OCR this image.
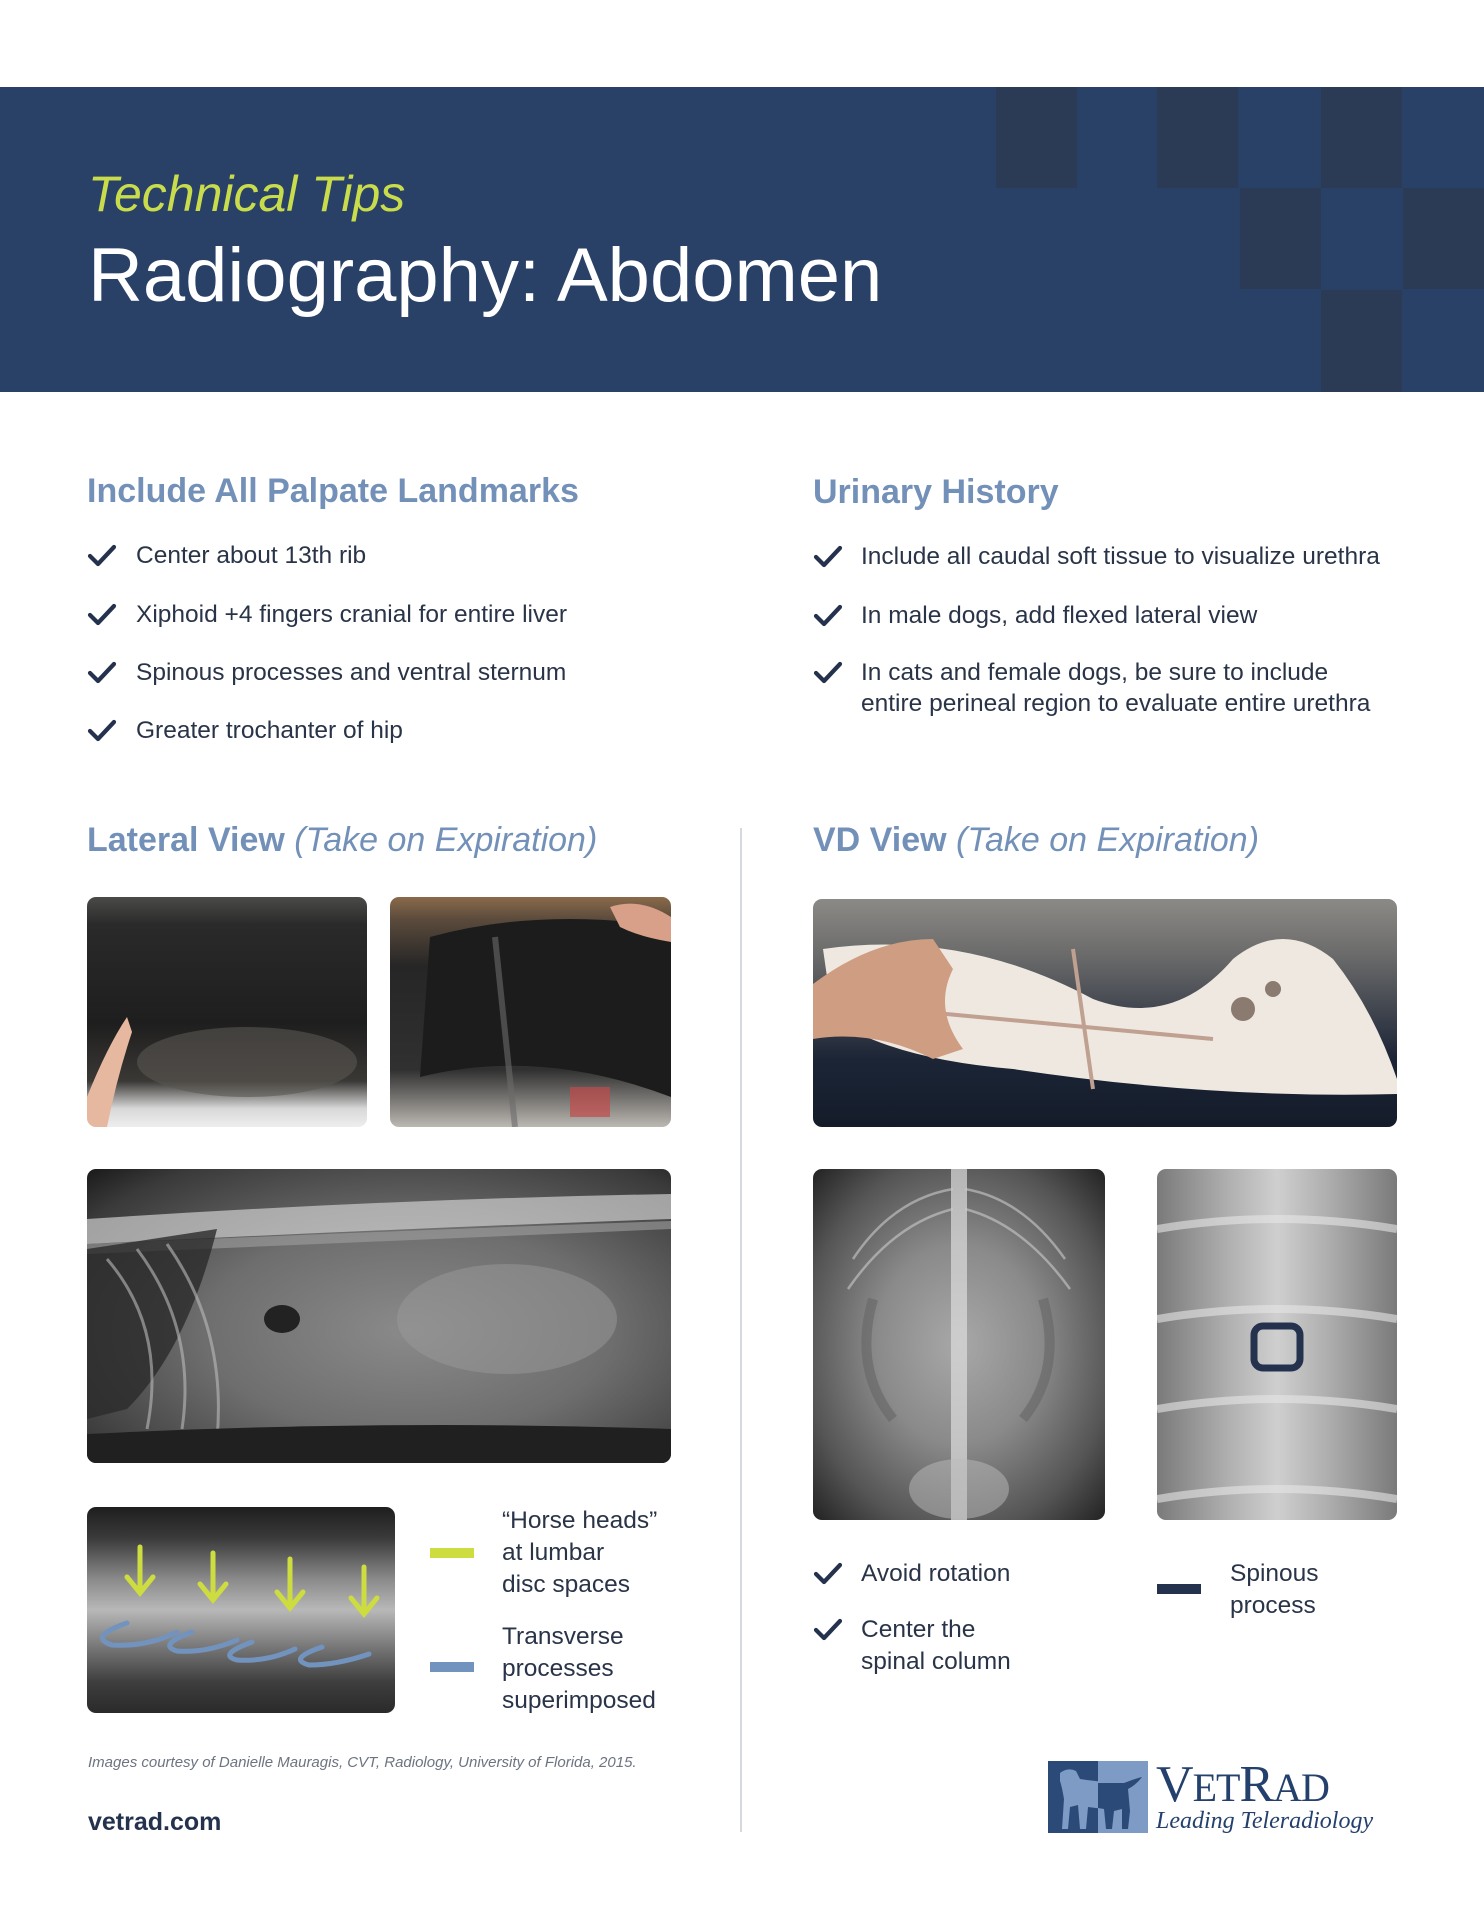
Technical Tips
Radiography: Abdomen
Include All Palpate Landmarks
Center about 13th rib
Xiphoid +4 fingers cranial for entire liver
Spinous processes and ventral sternum
Greater trochanter of hip
Urinary History
Include all caudal soft tissue to visualize urethra
In male dogs, add flexed lateral view
In cats and female dogs, be sure to include
entire perineal region to evaluate entire urethra
Lateral View (Take on Expiration)	VD View (Take on Expiration)
“Horse heads”
at lumbar
disc spaces
Transverse
processes
superimposed
Avoid rotation
Center the
spinal column
Spinous
process
Images courtesy of Danielle Mauragis, CVT, Radiology, University of Florida, 2015.
vetrad.com
VETRAD
Leading Teleradiology
